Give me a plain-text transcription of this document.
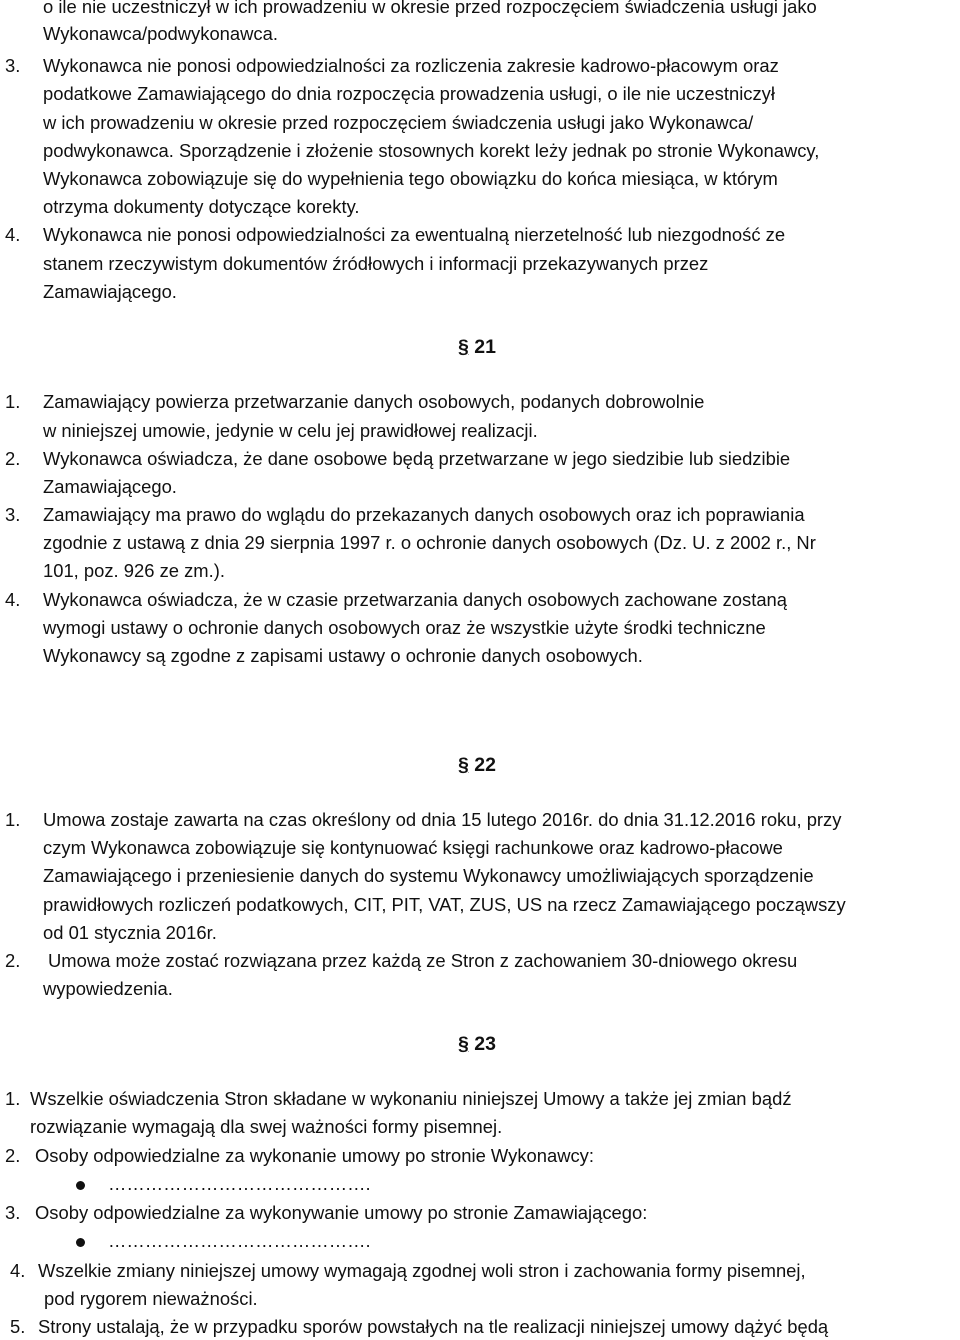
o ile nie uczestniczył w ich prowadzeniu w okresie przed rozpoczęciem świadczenia usługi jako
Wykonawca/podwykonawca.
3. Wykonawca nie ponosi odpowiedzialności za rozliczenia zakresie kadrowo-płacowym oraz
podatkowe Zamawiającego do dnia rozpoczęcia prowadzenia usługi, o ile nie uczestniczył
w ich prowadzeniu w okresie przed rozpoczęciem świadczenia usługi jako Wykonawca/
podwykonawca. Sporządzenie i złożenie stosownych korekt leży jednak po stronie Wykonawcy,
Wykonawca zobowiązuje się do wypełnienia tego obowiązku do końca miesiąca, w którym
otrzyma dokumenty dotyczące korekty.
4. Wykonawca nie ponosi odpowiedzialności za ewentualną nierzetelność lub niezgodność ze
stanem rzeczywistym dokumentów źródłowych i informacji przekazywanych przez
Zamawiającego.
§ 21
1. Zamawiający powierza przetwarzanie danych osobowych, podanych dobrowolnie
w niniejszej umowie, jedynie w celu jej prawidłowej realizacji.
2. Wykonawca oświadcza, że dane osobowe będą przetwarzane w jego siedzibie lub siedzibie
Zamawiającego.
3. Zamawiający ma prawo do wglądu do przekazanych danych osobowych oraz ich poprawiania
zgodnie z ustawą z dnia 29 sierpnia 1997 r. o ochronie danych osobowych (Dz. U. z 2002 r., Nr
101, poz. 926 ze zm.).
4. Wykonawca oświadcza, że w czasie przetwarzania danych osobowych zachowane zostaną
wymogi ustawy o ochronie danych osobowych oraz że wszystkie użyte środki techniczne
Wykonawcy są zgodne z zapisami ustawy o ochronie danych osobowych.
§ 22
1. Umowa zostaje zawarta na czas określony od dnia 15 lutego 2016r. do dnia 31.12.2016 roku, przy
czym Wykonawca zobowiązuje się kontynuować księgi rachunkowe oraz kadrowo-płacowe
Zamawiającego i przeniesienie danych do systemu Wykonawcy umożliwiających sporządzenie
prawidłowych rozliczeń podatkowych, CIT, PIT, VAT, ZUS, US na rzecz Zamawiającego począwszy
od 01 stycznia 2016r.
2. Umowa może zostać rozwiązana przez każdą ze Stron z zachowaniem 30-dniowego okresu
wypowiedzenia.
§ 23
1. Wszelkie oświadczenia Stron składane w wykonaniu niniejszej Umowy a także jej zmian bądź
rozwiązanie wymagają dla swej ważności formy pisemnej.
2. Osoby odpowiedzialne za wykonanie umowy po stronie Wykonawcy:
…………………………………….
3. Osoby odpowiedzialne za wykonywanie umowy po stronie Zamawiającego:
…………………………………….
4. Wszelkie zmiany niniejszej umowy wymagają zgodnej woli stron i zachowania formy pisemnej,
pod rygorem nieważności.
5. Strony ustalają, że w przypadku sporów powstałych na tle realizacji niniejszej umowy dążyć będą
